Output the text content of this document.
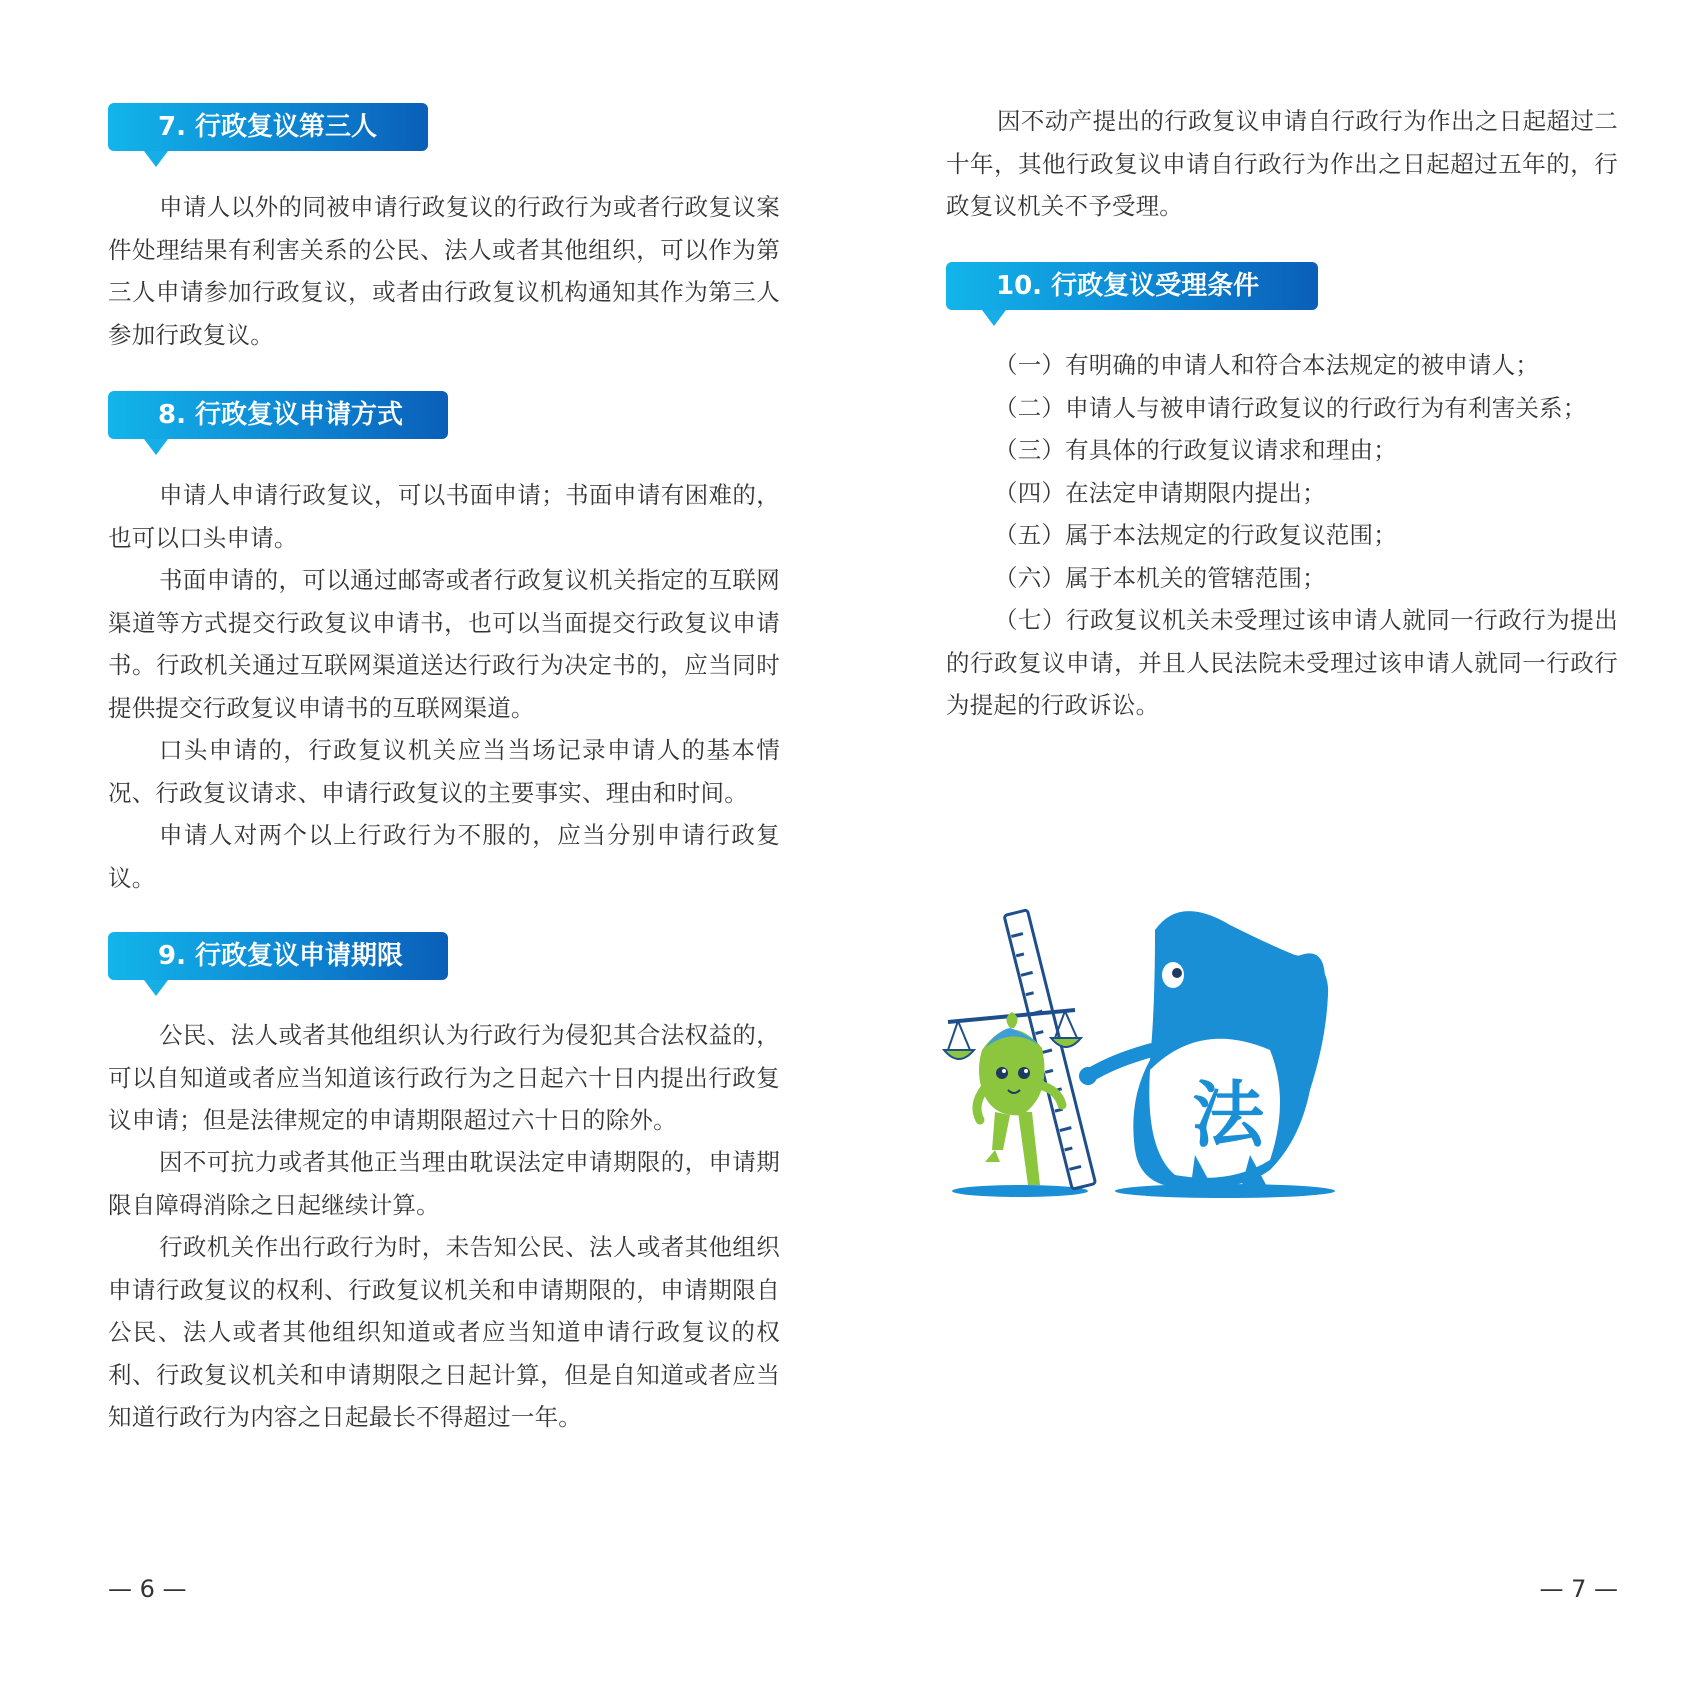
7. 行政复议第三人

申请人以外的同被申请行政复议的行政行为或者行政复议案件处理结果有利害关系的公民、法人或者其他组织，可以作为第三人申请参加行政复议，或者由行政复议机构通知其作为第三人参加行政复议。

8. 行政复议申请方式

申请人申请行政复议，可以书面申请；书面申请有困难的，也可以口头申请。

书面申请的，可以通过邮寄或者行政复议机关指定的互联网渠道等方式提交行政复议申请书，也可以当面提交行政复议申请书。行政机关通过互联网渠道送达行政行为决定书的，应当同时提供提交行政复议申请书的互联网渠道。

口头申请的，行政复议机关应当当场记录申请人的基本情况、行政复议请求、申请行政复议的主要事实、理由和时间。

申请人对两个以上行政行为不服的，应当分别申请行政复议。

9. 行政复议申请期限

公民、法人或者其他组织认为行政行为侵犯其合法权益的，可以自知道或者应当知道该行政行为之日起六十日内提出行政复议申请；但是法律规定的申请期限超过六十日的除外。

因不可抗力或者其他正当理由耽误法定申请期限的，申请期限自障碍消除之日起继续计算。

行政机关作出行政行为时，未告知公民、法人或者其他组织申请行政复议的权利、行政复议机关和申请期限的，申请期限自公民、法人或者其他组织知道或者应当知道申请行政复议的权利、行政复议机关和申请期限之日起计算，但是自知道或者应当知道行政行为内容之日起最长不得超过一年。

— 6 —

因不动产提出的行政复议申请自行政行为作出之日起超过二十年，其他行政复议申请自行政行为作出之日起超过五年的，行政复议机关不予受理。

10. 行政复议受理条件

（一）有明确的申请人和符合本法规定的被申请人；

（二）申请人与被申请行政复议的行政行为有利害关系；

（三）有具体的行政复议请求和理由；

（四）在法定申请期限内提出；

（五）属于本法规定的行政复议范围；

（六）属于本机关的管辖范围；

（七）行政复议机关未受理过该申请人就同一行政行为提出的行政复议申请，并且人民法院未受理过该申请人就同一行政行为提起的行政诉讼。

— 7 —
法
